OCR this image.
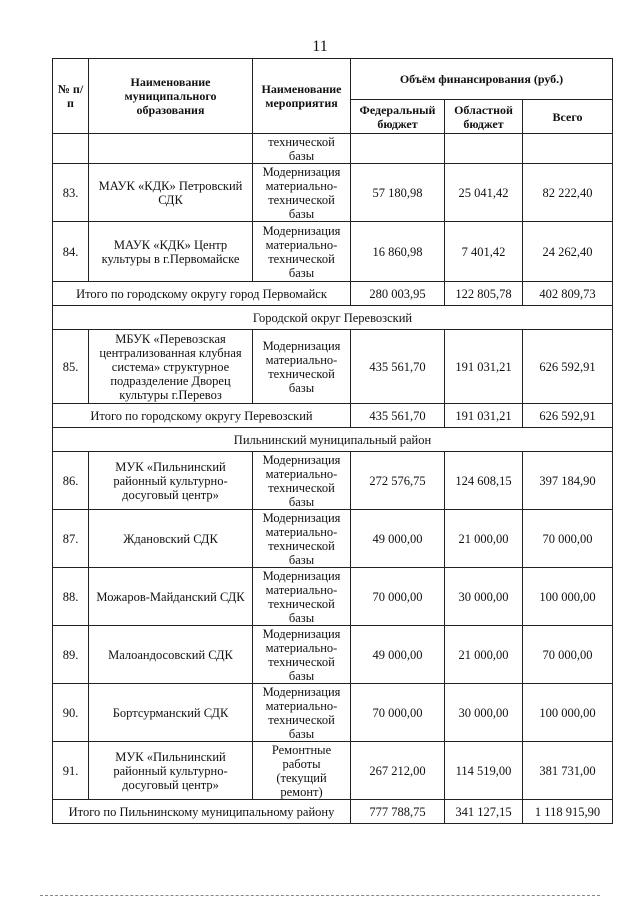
11
№ п/п	Наименование муниципального образования	Наименование мероприятия	Объём финансирования (руб.)		
			Федеральный бюджет	Областной бюджет	Всего
		технической базы			
83.	МАУК «КДК» Петровский СДК	Модернизация материально-технической базы	57 180,98	25 041,42	82 222,40
84.	МАУК «КДК» Центр культуры в г.Первомайске	Модернизация материально-технической базы	16 860,98	7 401,42	24 262,40
Итого по городскому округу город Первомайск			280 003,95	122 805,78	402 809,73
Городской округ Перевозский					
85.	МБУК «Перевозская централизованная клубная система» структурное подразделение Дворец культуры г.Перевоз	Модернизация материально-технической базы	435 561,70	191 031,21	626 592,91
Итого по городскому округу Перевозский			435 561,70	191 031,21	626 592,91
Пильнинский муниципальный район					
86.	МУК «Пильнинский районный культурно-досуговый центр»	Модернизация материально-технической базы	272 576,75	124 608,15	397 184,90
87.	Ждановский СДК	Модернизация материально-технической базы	49 000,00	21 000,00	70 000,00
88.	Можаров-Майданский СДК	Модернизация материально-технической базы	70 000,00	30 000,00	100 000,00
89.	Малоандосовский СДК	Модернизация материально-технической базы	49 000,00	21 000,00	70 000,00
90.	Бортсурманский СДК	Модернизация материально-технической базы	70 000,00	30 000,00	100 000,00
91.	МУК «Пильнинский районный культурно-досуговый центр»	Ремонтные работы (текущий ремонт)	267 212,00	114 519,00	381 731,00
Итого по Пильнинскому муниципальному району			777 788,75	341 127,15	1 118 915,90
